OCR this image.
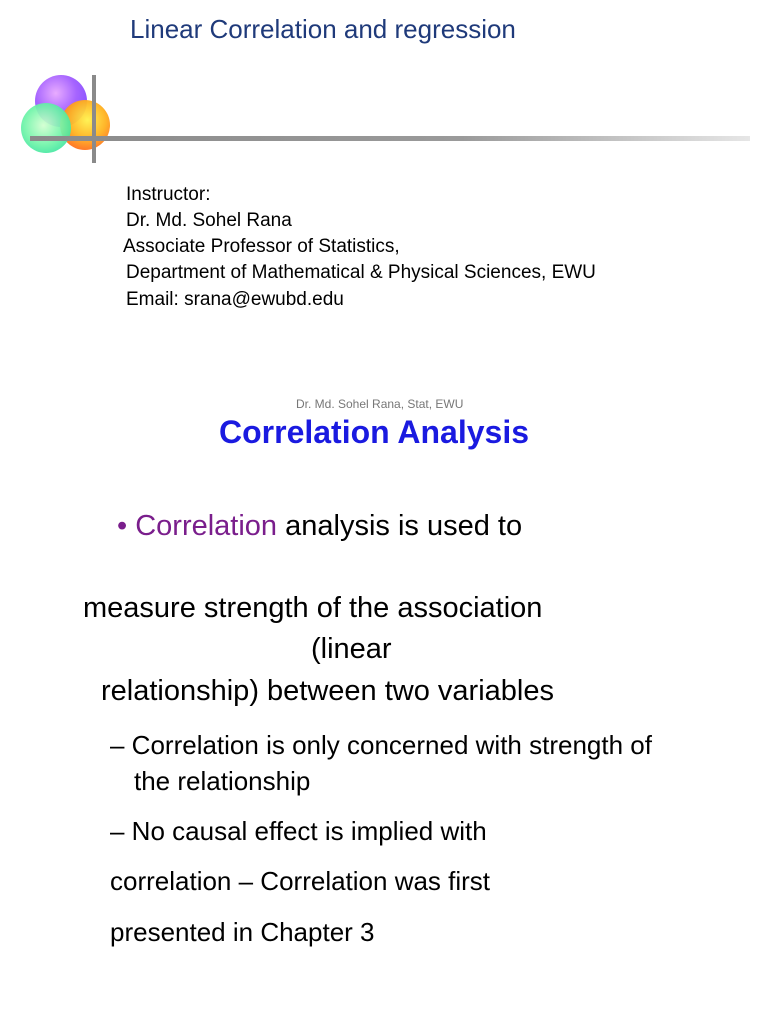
Linear Correlation and regression
Instructor:
Dr. Md. Sohel Rana
Associate Professor of Statistics,
Department of Mathematical & Physical Sciences, EWU
Email: srana@ewubd.edu
Dr. Md. Sohel Rana, Stat, EWU
Correlation Analysis
• Correlation analysis is used to
measure strength of the association
(linear
relationship) between two variables
– Correlation is only concerned with strength of
the relationship
– No causal effect is implied with
correlation – Correlation was first
presented in Chapter 3
